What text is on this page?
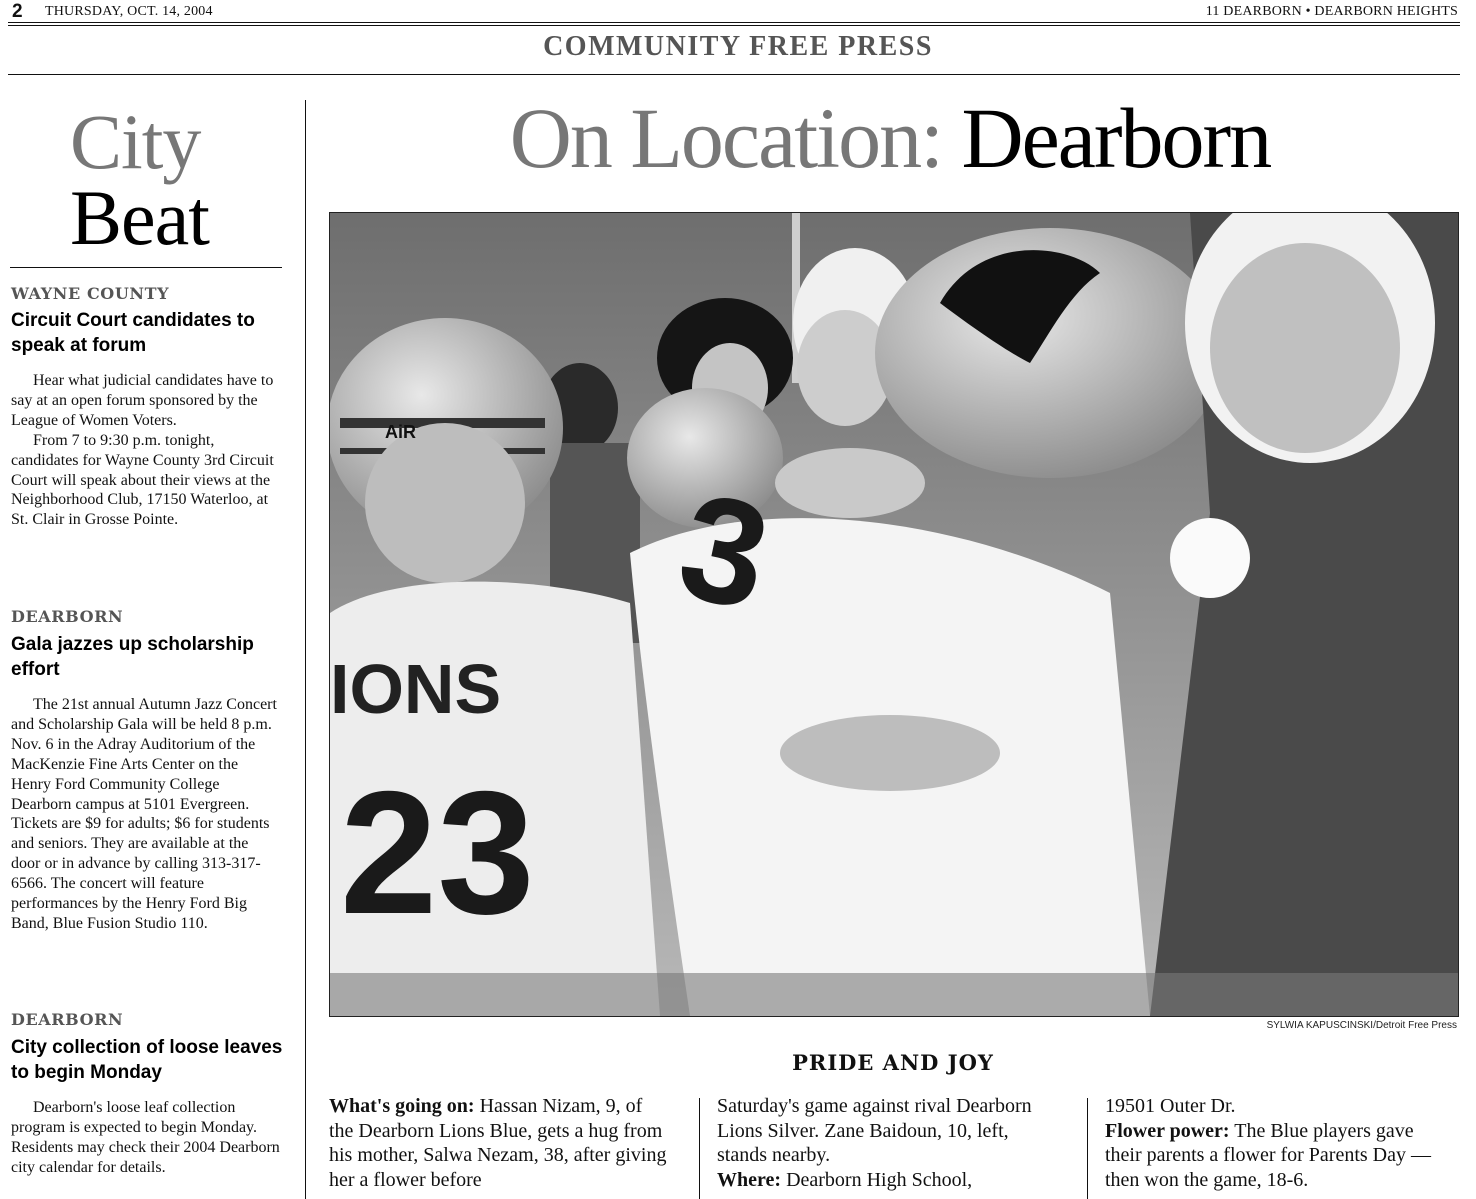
2 THURSDAY, OCT. 14, 2004	11 DEARBORN • DEARBORN HEIGHTS
COMMUNITY FREE PRESS
City
Beat
WAYNE COUNTY
Circuit Court candidates to speak at forum

Hear what judicial candidates have to say at an open forum sponsored by the League of Women Voters.

From 7 to 9:30 p.m. tonight, candidates for Wayne County 3rd Circuit Court will speak about their views at the Neighborhood Club, 17150 Waterloo, at St. Clair in Grosse Pointe.

DEARBORN
Gala jazzes up scholarship effort

The 21st annual Autumn Jazz Concert and Scholarship Gala will be held 8 p.m. Nov. 6 in the Adray Auditorium of the MacKenzie Fine Arts Center on the Henry Ford Community College Dearborn campus at 5101 Evergreen. Tickets are $9 for adults; $6 for students and seniors. They are available at the door or in advance by calling 313-317-6566. The concert will feature performances by the Henry Ford Big Band, Blue Fusion Studio 110.

DEARBORN
City collection of loose leaves to begin Monday

Dearborn's loose leaf collection program is expected to begin Monday. Residents may check their 2004 Dearborn city calendar for details.

On Location: Dearborn
IONS
23
3
AiR
SYLWIA KAPUSCINSKI/Detroit Free Press
PRIDE AND JOY
What's going on: Hassan Nizam, 9, of the Dearborn Lions Blue, gets a hug from his mother, Salwa Nezam, 38, after giving her a flower before
Saturday's game against rival Dearborn Lions Silver. Zane Baidoun, 10, left, stands nearby.
Where: Dearborn High School,
19501 Outer Dr.
Flower power: The Blue players gave their parents a flower for Parents Day — then won the game, 18-6.
